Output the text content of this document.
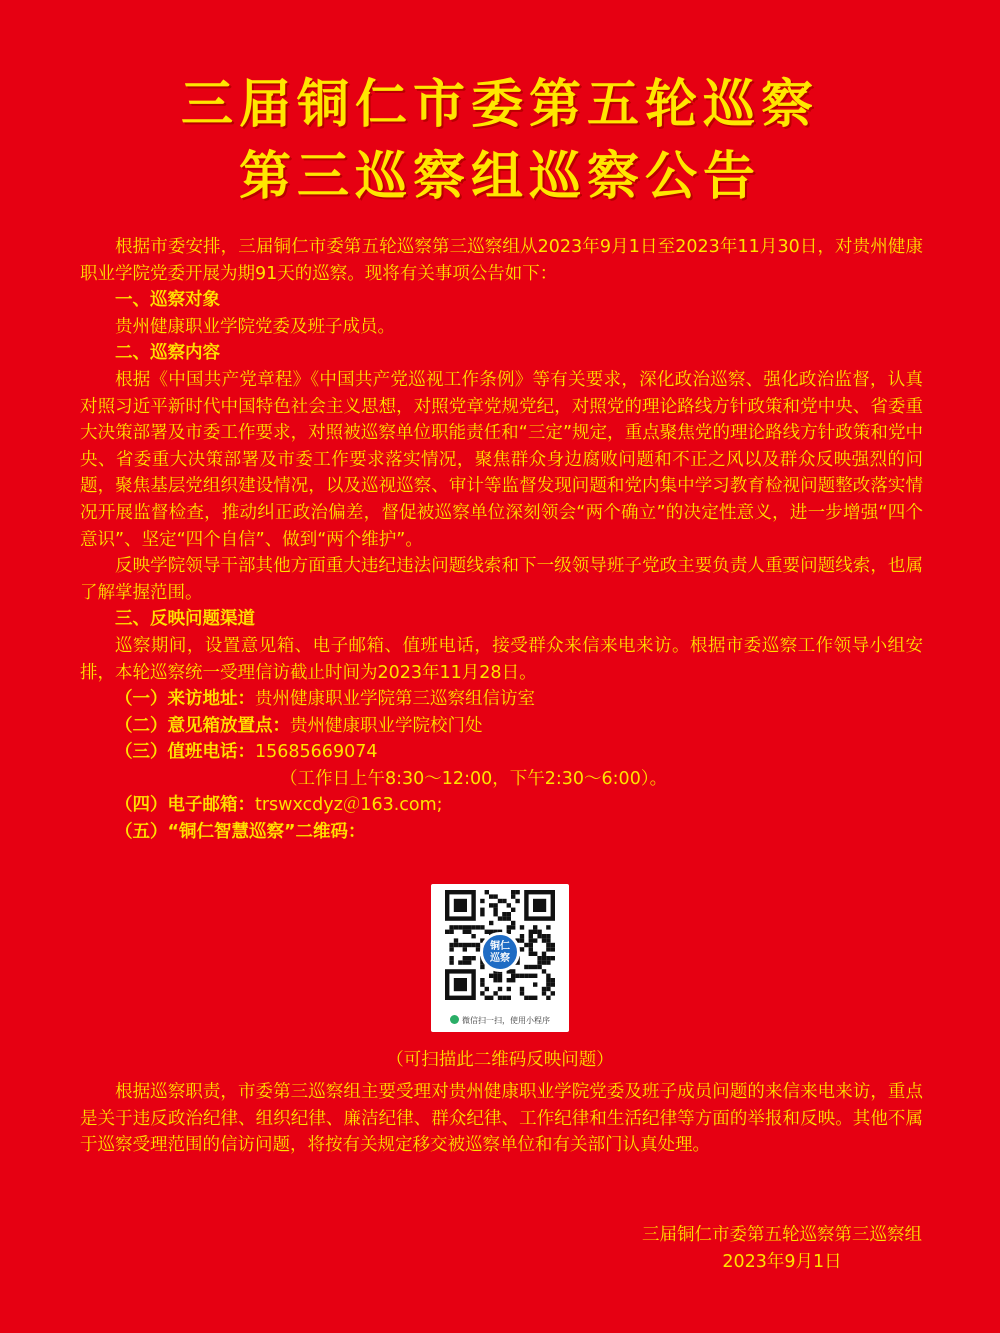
三届铜仁市委第五轮巡察
第三巡察组巡察公告

根据市委安排，三届铜仁市委第五轮巡察第三巡察组从2023年9月1日至2023年11月30日，对贵州健康职业学院党委开展为期91天的巡察。现将有关事项公告如下：

一、巡察对象

贵州健康职业学院党委及班子成员。

二、巡察内容

根据《中国共产党章程》《中国共产党巡视工作条例》等有关要求，深化政治巡察、强化政治监督，认真对照习近平新时代中国特色社会主义思想，对照党章党规党纪，对照党的理论路线方针政策和党中央、省委重大决策部署及市委工作要求，对照被巡察单位职能责任和“三定”规定，重点聚焦党的理论路线方针政策和党中央、省委重大决策部署及市委工作要求落实情况，聚焦群众身边腐败问题和不正之风以及群众反映强烈的问题，聚焦基层党组织建设情况，以及巡视巡察、审计等监督发现问题和党内集中学习教育检视问题整改落实情况开展监督检查，推动纠正政治偏差，督促被巡察单位深刻领会“两个确立”的决定性意义，进一步增强“四个意识”、坚定“四个自信”、做到“两个维护”。

反映学院领导干部其他方面重大违纪违法问题线索和下一级领导班子党政主要负责人重要问题线索，也属了解掌握范围。

三、反映问题渠道

巡察期间，设置意见箱、电子邮箱、值班电话，接受群众来信来电来访。根据市委巡察工作领导小组安排，本轮巡察统一受理信访截止时间为2023年11月28日。

（一）来访地址：贵州健康职业学院第三巡察组信访室

（二）意见箱放置点：贵州健康职业学院校门处

（三）值班电话：15685669074

（工作日上午8:30～12:00，下午2:30～6:00）。

（四）电子邮箱：trswxcdyz＠163.com;

（五）“铜仁智慧巡察”二维码：

铜仁
巡察
微信扫一扫，使用小程序
（可扫描此二维码反映问题）

根据巡察职责，市委第三巡察组主要受理对贵州健康职业学院党委及班子成员问题的来信来电来访，重点是关于违反政治纪律、组织纪律、廉洁纪律、群众纪律、工作纪律和生活纪律等方面的举报和反映。其他不属于巡察受理范围的信访问题，将按有关规定移交被巡察单位和有关部门认真处理。

三届铜仁市委第五轮巡察第三巡察组
2023年9月1日
